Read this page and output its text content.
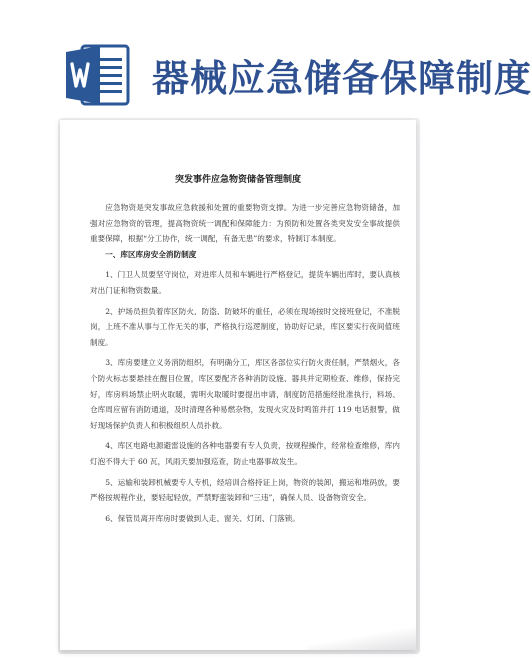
器械应急储备保障制度
突发事件应急物资储备管理制度

应急物资是突发事故应急救援和处置的重要物资支撑。为进一步完善应急物资储备，加强对应急物资的管理，提高物资统一调配和保障能力：为预防和处置各类突发安全事故提供重要保障，根据“分工协作，统一调配，有备无患”的要求，特制订本制度。

一、库区库房安全消防制度

1、门卫人员要坚守岗位，对进库人员和车辆进行严格登记，提货车辆出库时，要认真核对出门证和物资数量。

2、护场员担负着库区防火、防盗、防破坏的重任，必须在现场按时交接班登记，不准脱岗，上班不准从事与工作无关的事，严格执行巡逻制度，协助好记录，库区要实行夜间值班制度。

3、库房要建立义务消防组织，有明确分工，库区各部位实行防火责任制，严禁烟火，各个防火标志要悬挂在醒目位置，库区要配齐各种消防设施、器具并定期检查、维修，保持完好，库房料场禁止明火取暖，需明火取暖时要提出申请，制度防范措施经批准执行，料场、仓库周应留有消防通道，及时清理各种易燃杂物，发现火灾及时鸣笛并打 119 电话报警，做好现场保护负责人和积极组织人员扑救。

4、库区电路电源避雷设施的各种电器要有专人负责，按规程操作，经常检查维修，库内灯泡不得大于 60 瓦，风雨天要加强巡查，防止电器事故发生。

5、运输和装卸机械要专人专机，经培训合格持证上岗，物资的装卸，搬运和堆码放，要严格按规程作业，要轻起轻放，严禁野蛮装卸和“三违”，确保人员、设备物资安全。

6、保管员离开库房时要做到人走、窗关、灯闭、门落锁。
